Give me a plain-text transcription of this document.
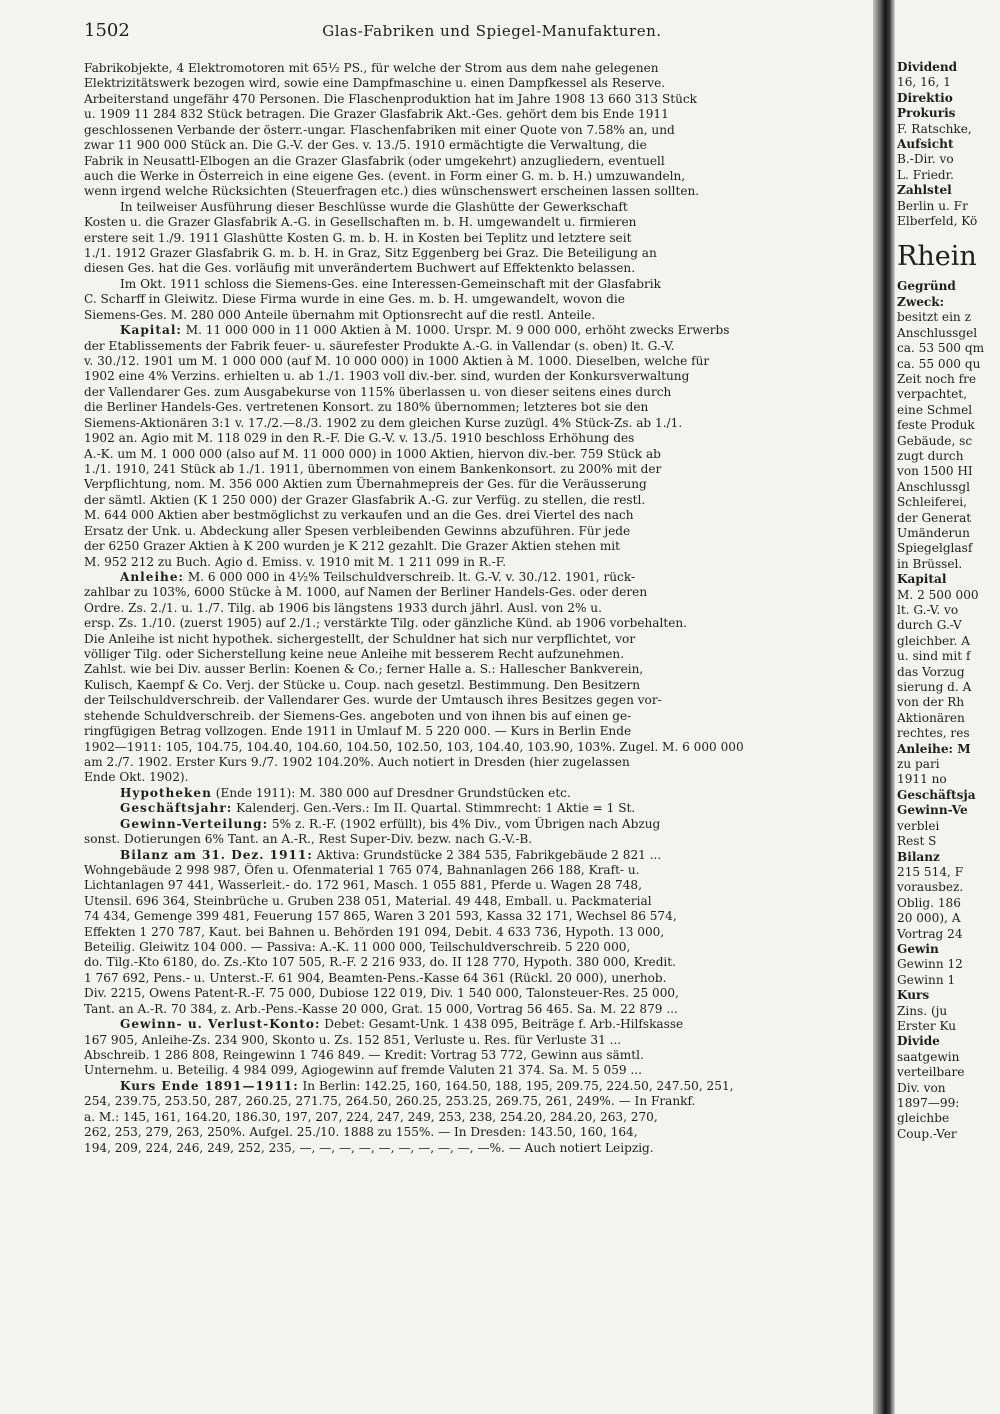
1502	Glas-Fabriken und Spiegel-Manufakturen.
Fabrikobjekte, 4 Elektromotoren mit 65½ PS., für welche der Strom aus dem nahe gelegenen
Elektrizitätswerk bezogen wird, sowie eine Dampfmaschine u. einen Dampfkessel als Reserve.
Arbeiterstand ungefähr 470 Personen. Die Flaschenproduktion hat im Jahre 1908 13 660 313 Stück
u. 1909 11 284 832 Stück betragen. Die Grazer Glasfabrik Akt.-Ges. gehört dem bis Ende 1911
geschlossenen Verbande der österr.-ungar. Flaschenfabriken mit einer Quote von 7.58% an, und
zwar 11 900 000 Stück an. Die G.-V. der Ges. v. 13./5. 1910 ermächtigte die Verwaltung, die
Fabrik in Neusattl-Elbogen an die Grazer Glasfabrik (oder umgekehrt) anzugliedern, eventuell
auch die Werke in Österreich in eine eigene Ges. (event. in Form einer G. m. b. H.) umzuwandeln,
wenn irgend welche Rücksichten (Steuerfragen etc.) dies wünschenswert erscheinen lassen sollten.
In teilweiser Ausführung dieser Beschlüsse wurde die Glashütte der Gewerkschaft
Kosten u. die Grazer Glasfabrik A.-G. in Gesellschaften m. b. H. umgewandelt u. firmieren
erstere seit 1./9. 1911 Glashütte Kosten G. m. b. H. in Kosten bei Teplitz und letztere seit
1./1. 1912 Grazer Glasfabrik G. m. b. H. in Graz, Sitz Eggenberg bei Graz. Die Beteiligung an
diesen Ges. hat die Ges. vorläufig mit unverändertem Buchwert auf Effektenkto belassen.
Im Okt. 1911 schloss die Siemens-Ges. eine Interessen-Gemeinschaft mit der Glasfabrik
C. Scharff in Gleiwitz. Diese Firma wurde in eine Ges. m. b. H. umgewandelt, wovon die
Siemens-Ges. M. 280 000 Anteile übernahm mit Optionsrecht auf die restl. Anteile.
Kapital: M. 11 000 000 in 11 000 Aktien à M. 1000. Urspr. M. 9 000 000, erhöht zwecks Erwerbs
der Etablissements der Fabrik feuer- u. säurefester Produkte A.-G. in Vallendar (s. oben) lt. G.-V.
v. 30./12. 1901 um M. 1 000 000 (auf M. 10 000 000) in 1000 Aktien à M. 1000. Dieselben, welche für
1902 eine 4% Verzins. erhielten u. ab 1./1. 1903 voll div.-ber. sind, wurden der Konkursverwaltung
der Vallendarer Ges. zum Ausgabekurse von 115% überlassen u. von dieser seitens eines durch
die Berliner Handels-Ges. vertretenen Konsort. zu 180% übernommen; letzteres bot sie den
Siemens-Aktionären 3:1 v. 17./2.—8./3. 1902 zu dem gleichen Kurse zuzügl. 4% Stück-Zs. ab 1./1.
1902 an. Agio mit M. 118 029 in den R.-F. Die G.-V. v. 13./5. 1910 beschloss Erhöhung des
A.-K. um M. 1 000 000 (also auf M. 11 000 000) in 1000 Aktien, hiervon div.-ber. 759 Stück ab
1./1. 1910, 241 Stück ab 1./1. 1911, übernommen von einem Bankenkonsort. zu 200% mit der
Verpflichtung, nom. M. 356 000 Aktien zum Übernahmepreis der Ges. für die Veräusserung
der sämtl. Aktien (K 1 250 000) der Grazer Glasfabrik A.-G. zur Verfüg. zu stellen, die restl.
M. 644 000 Aktien aber bestmöglichst zu verkaufen und an die Ges. drei Viertel des nach
Ersatz der Unk. u. Abdeckung aller Spesen verbleibenden Gewinns abzuführen. Für jede
der 6250 Grazer Aktien à K 200 wurden je K 212 gezahlt. Die Grazer Aktien stehen mit
M. 952 212 zu Buch. Agio d. Emiss. v. 1910 mit M. 1 211 099 in R.-F.
Anleihe: M. 6 000 000 in 4½% Teilschuldverschreib. lt. G.-V. v. 30./12. 1901, rück-
zahlbar zu 103%, 6000 Stücke à M. 1000, auf Namen der Berliner Handels-Ges. oder deren
Ordre. Zs. 2./1. u. 1./7. Tilg. ab 1906 bis längstens 1933 durch jährl. Ausl. von 2% u.
ersp. Zs. 1./10. (zuerst 1905) auf 2./1.; verstärkte Tilg. oder gänzliche Künd. ab 1906 vorbehalten.
Die Anleihe ist nicht hypothek. sichergestellt, der Schuldner hat sich nur verpflichtet, vor
völliger Tilg. oder Sicherstellung keine neue Anleihe mit besserem Recht aufzunehmen.
Zahlst. wie bei Div. ausser Berlin: Koenen & Co.; ferner Halle a. S.: Hallescher Bankverein,
Kulisch, Kaempf & Co. Verj. der Stücke u. Coup. nach gesetzl. Bestimmung. Den Besitzern
der Teilschuldverschreib. der Vallendarer Ges. wurde der Umtausch ihres Besitzes gegen vor-
stehende Schuldverschreib. der Siemens-Ges. angeboten und von ihnen bis auf einen ge-
ringfügigen Betrag vollzogen. Ende 1911 in Umlauf M. 5 220 000. — Kurs in Berlin Ende
1902—1911: 105, 104.75, 104.40, 104.60, 104.50, 102.50, 103, 104.40, 103.90, 103%. Zugel. M. 6 000 000
am 2./7. 1902. Erster Kurs 9./7. 1902 104.20%. Auch notiert in Dresden (hier zugelassen
Ende Okt. 1902).
Hypotheken (Ende 1911): M. 380 000 auf Dresdner Grundstücken etc.
Geschäftsjahr: Kalenderj. Gen.-Vers.: Im II. Quartal. Stimmrecht: 1 Aktie = 1 St.
Gewinn-Verteilung: 5% z. R.-F. (1902 erfüllt), bis 4% Div., vom Übrigen nach Abzug
sonst. Dotierungen 6% Tant. an A.-R., Rest Super-Div. bezw. nach G.-V.-B.
Bilanz am 31. Dez. 1911: Aktiva: Grundstücke 2 384 535, Fabrikgebäude 2 821 ...
Wohngebäude 2 998 987, Öfen u. Ofenmaterial 1 765 074, Bahnanlagen 266 188, Kraft- u.
Lichtanlagen 97 441, Wasserleit.- do. 172 961, Masch. 1 055 881, Pferde u. Wagen 28 748,
Utensil. 696 364, Steinbrüche u. Gruben 238 051, Material. 49 448, Emball. u. Packmaterial
74 434, Gemenge 399 481, Feuerung 157 865, Waren 3 201 593, Kassa 32 171, Wechsel 86 574,
Effekten 1 270 787, Kaut. bei Bahnen u. Behörden 191 094, Debit. 4 633 736, Hypoth. 13 000,
Beteilig. Gleiwitz 104 000. — Passiva: A.-K. 11 000 000, Teilschuldverschreib. 5 220 000,
do. Tilg.-Kto 6180, do. Zs.-Kto 107 505, R.-F. 2 216 933, do. II 128 770, Hypoth. 380 000, Kredit.
1 767 692, Pens.- u. Unterst.-F. 61 904, Beamten-Pens.-Kasse 64 361 (Rückl. 20 000), unerhob.
Div. 2215, Owens Patent-R.-F. 75 000, Dubiose 122 019, Div. 1 540 000, Talonsteuer-Res. 25 000,
Tant. an A.-R. 70 384, z. Arb.-Pens.-Kasse 20 000, Grat. 15 000, Vortrag 56 465. Sa. M. 22 879 ...
Gewinn- u. Verlust-Konto: Debet: Gesamt-Unk. 1 438 095, Beiträge f. Arb.-Hilfskasse
167 905, Anleihe-Zs. 234 900, Skonto u. Zs. 152 851, Verluste u. Res. für Verluste 31 ...
Abschreib. 1 286 808, Reingewinn 1 746 849. — Kredit: Vortrag 53 772, Gewinn aus sämtl.
Unternehm. u. Beteilig. 4 984 099, Agiogewinn auf fremde Valuten 21 374. Sa. M. 5 059 ...
Kurs Ende 1891—1911: In Berlin: 142.25, 160, 164.50, 188, 195, 209.75, 224.50, 247.50, 251,
254, 239.75, 253.50, 287, 260.25, 271.75, 264.50, 260.25, 253.25, 269.75, 261, 249%. — In Frankf.
a. M.: 145, 161, 164.20, 186.30, 197, 207, 224, 247, 249, 253, 238, 254.20, 284.20, 263, 270,
262, 253, 279, 263, 250%. Aufgel. 25./10. 1888 zu 155%. — In Dresden: 143.50, 160, 164,
194, 209, 224, 246, 249, 252, 235, —, —, —, —, —, —, —, —, —, —%. — Auch notiert Leipzig.
Dividend
16, 16, 1
Direktio
Prokuris
F. Ratschke,
Aufsicht
B.-Dir. vo
L. Friedr.
Zahlstel
Berlin u. Fr
Elberfeld, Kö
Rhein
Gegründ
Zweck:
besitzt ein z
Anschlussgel
ca. 53 500 qm
ca. 55 000 qu
Zeit noch fre
verpachtet,
eine Schmel
feste Produk
Gebäude, sc
zugt durch
von 1500 HI
Anschlussgl
Schleiferei,
der Generat
Umänderun
Spiegelglasf
in Brüssel.
Kapital
M. 2 500 000
lt. G.-V. vo
durch G.-V
gleichber. A
u. sind mit f
das Vorzug
sierung d. A
von der Rh
Aktionären
rechtes, res
Anleihe: M
zu pari
1911 no
Geschäftsja
Gewinn-Ve
verblei
Rest S
Bilanz
215 514, F
vorausbez.
Oblig. 186
20 000), A
Vortrag 24
Gewin
Gewinn 12
Gewinn 1
Kurs
Zins. (ju
Erster Ku
Divide
saatgewin
verteilbare
Div. von
1897—99:
gleichbe
Coup.-Ver
